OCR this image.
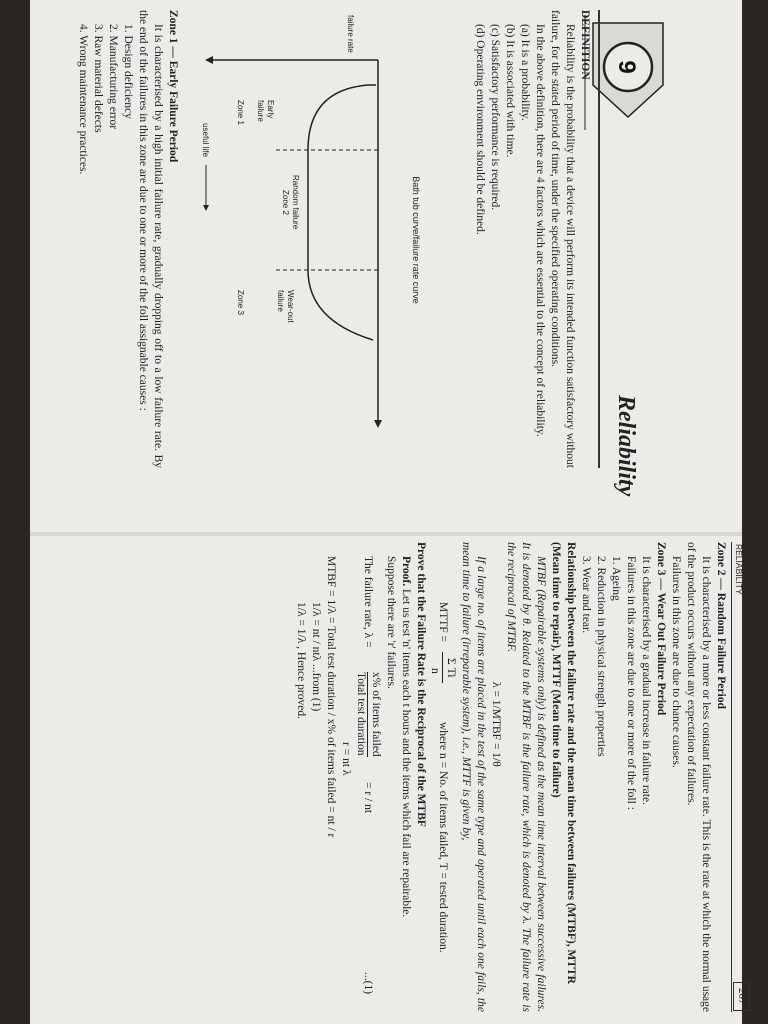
9
Reliability
DEFINITION

Reliability is the probability that a device will perform its intended function satisfactory without failure, for the stated period of time, under the specified operating conditions.

In the above definition, there are 4 factors which are essential to the concept of reliability.

(a) It is a probability.
(b) It is associated with time.
(c) Satisfactory performance is required.
(d) Operating environment should be defined.
Bath tub curve/failure rate curve
Early
failure
Random failure
Wear-out
failure
Zone 1
Zone 2
Zone 3
useful life
failure rate
Zone 1 — Early Failure Period

It is characterised by a high initial failure rate, gradually dropping off to a low failure rate. By the end of the failures in this zone are due to one or more of the foll assignable causes :

1. Design deficiency
2. Manufacturing error
3. Raw material defects
4. Wrong maintenance practices.
RELIABILITY
207
Zone 2 — Random Failure Period

It is characterised by a more or less constant failure rate. This is the rate at which the normal usage of the product occurs without any expectation of failures.

Failures in this zone are due to chance causes.

Zone 3 — Wear Out Failure Period

It is characterised by a gradual increase in failure rate.

Failures in this zone are due to one or more of the foll :

1. Ageing
2. Reduction in physical strength properties
3. Wear and tear.
Relationship between the failure rate and the mean time between failures (MTBF), MTTR (Mean time to repair), MTTF (Mean time to failure)

MTBF (Repairable systems only) is defined as the mean time interval between successive failures. It is denoted by θ. Related to the MTBF is the failure rate, which is denoted by λ. The failure rate is the reciprocal of MTBF.

λ = 1/MTBF = 1/θ

If a large no. of items are placed in the test of the same type and operated until each one fails, the mean time to failure (irreparable system), i.e., MTTF is given by,

MTTF =
Σ Ti
n
where n = No. of items failed, T = tested duration.
Prove that the Failure Rate is the Reciprocal of the MTBF

Proof. Let us test 'n' items each t hours and the items which fail are repairable.

Suppose there are 'r' failures.

The failure rate, λ =
x% of items failed
Total test duration
= r / nt
...(1)
r = nt λ
MTBF = 1/λ = Total test duration / x% of items failed = nt / r
1/λ = nt / ntλ ...from (1)
1/λ = 1/λ , Hence proved.
